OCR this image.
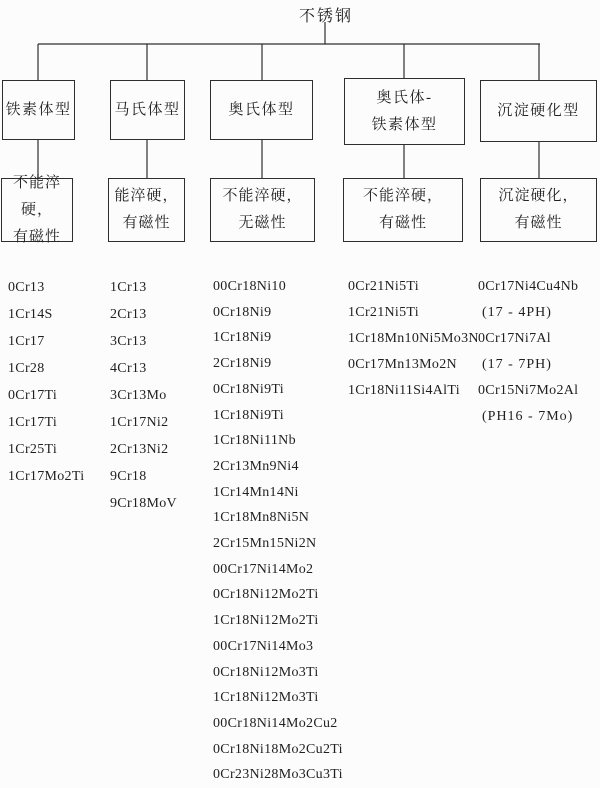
不锈钢
铁素体型	马氏体型	奥氏体型
奥氏体-
铁素体型
沉淀硬化型
不能淬硬，
有磁性
能淬硬，
有磁性
不能淬硬，
无磁性
不能淬硬，
有磁性
沉淀硬化，
有磁性
0Cr13
1Cr14S
1Cr17
1Cr28
0Cr17Ti
1Cr17Ti
1Cr25Ti
1Cr17Mo2Ti
1Cr13
2Cr13
3Cr13
4Cr13
3Cr13Mo
1Cr17Ni2
2Cr13Ni2
9Cr18
9Cr18MoV
00Cr18Ni10
0Cr18Ni9
1Cr18Ni9
2Cr18Ni9
0Cr18Ni9Ti
1Cr18Ni9Ti
1Cr18Ni11Nb
2Cr13Mn9Ni4
1Cr14Mn14Ni
1Cr18Mn8Ni5N
2Cr15Mn15Ni2N
00Cr17Ni14Mo2
0Cr18Ni12Mo2Ti
1Cr18Ni12Mo2Ti
00Cr17Ni14Mo3
0Cr18Ni12Mo3Ti
1Cr18Ni12Mo3Ti
00Cr18Ni14Mo2Cu2
0Cr18Ni18Mo2Cu2Ti
0Cr23Ni28Mo3Cu3Ti
0Cr21Ni5Ti
1Cr21Ni5Ti
1Cr18Mn10Ni5Mo3N
0Cr17Mn13Mo2N
1Cr18Ni11Si4AlTi
0Cr17Ni4Cu4Nb
(17 - 4PH)
0Cr17Ni7Al
(17 - 7PH)
0Cr15Ni7Mo2Al
(PH16 - 7Mo)
